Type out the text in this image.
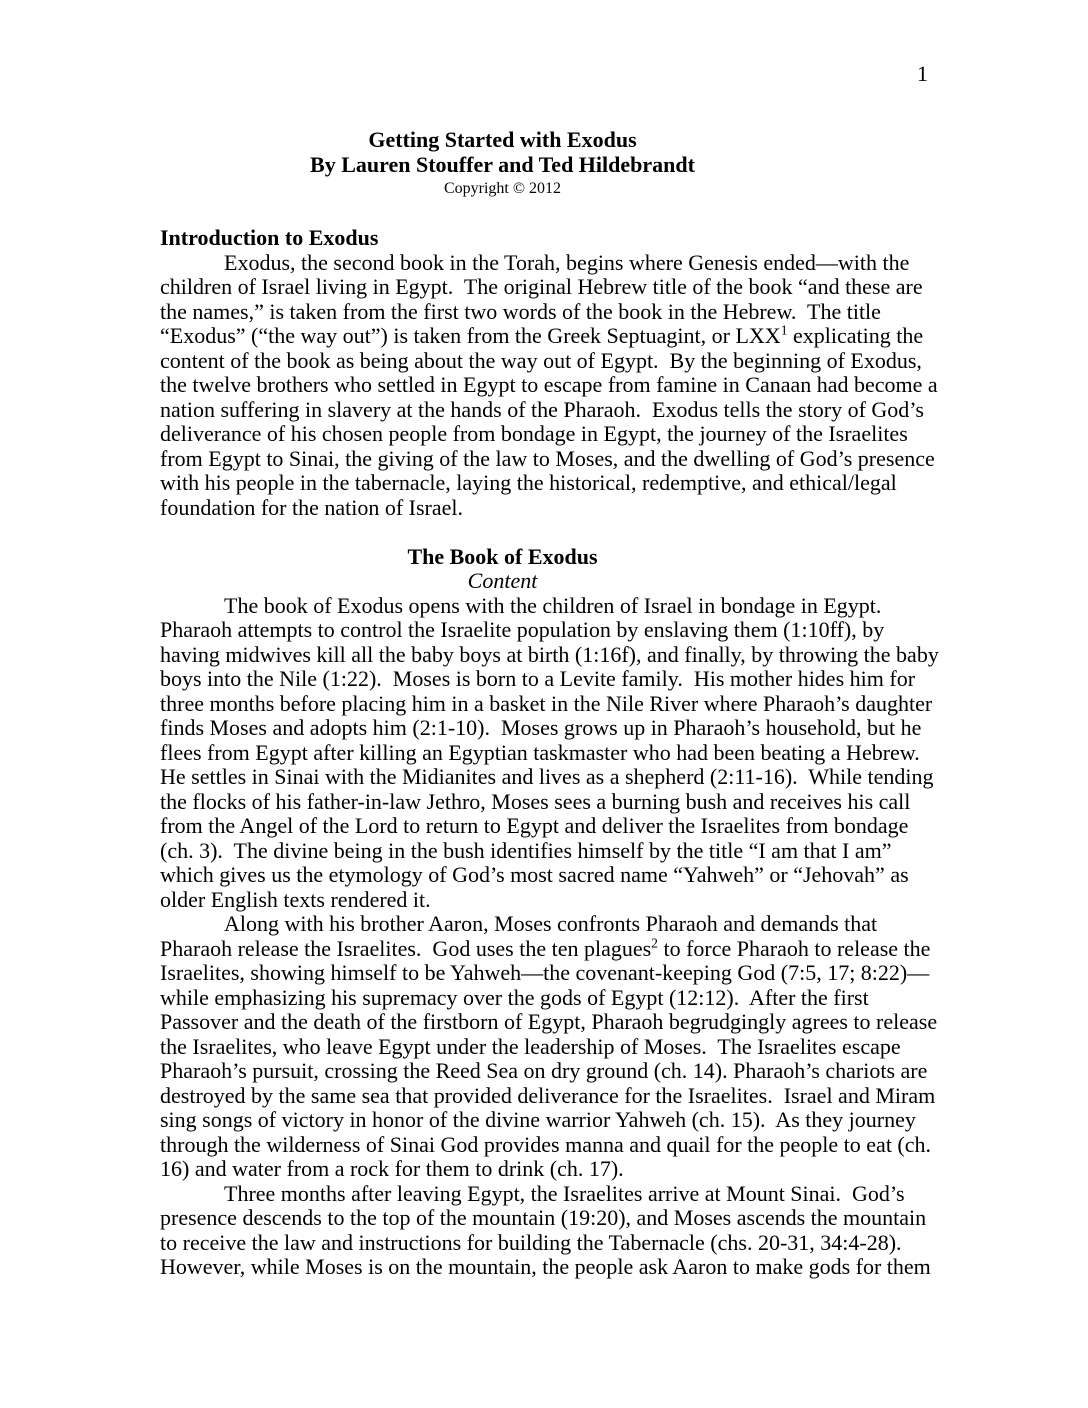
1
Getting Started with Exodus
By Lauren Stouffer and Ted Hildebrandt
Copyright © 2012
Introduction to Exodus
Exodus, the second book in the Torah, begins where Genesis ended—with the children of Israel living in Egypt.  The original Hebrew title of the book “and these are the names,” is taken from the first two words of the book in the Hebrew.  The title “Exodus” (“the way out”) is taken from the Greek Septuagint, or LXX$^1$ explicating the content of the book as being about the way out of Egypt.  By the beginning of Exodus, the twelve brothers who settled in Egypt to escape from famine in Canaan had become a nation suffering in slavery at the hands of the Pharaoh.  Exodus tells the story of God’s deliverance of his chosen people from bondage in Egypt, the journey of the Israelites from Egypt to Sinai, the giving of the law to Moses, and the dwelling of God’s presence with his people in the tabernacle, laying the historical, redemptive, and ethical/legal foundation for the nation of Israel.
The Book of Exodus
Content
The book of Exodus opens with the children of Israel in bondage in Egypt.  Pharaoh attempts to control the Israelite population by enslaving them (1:10ff), by having midwives kill all the baby boys at birth (1:16f), and finally, by throwing the baby boys into the Nile (1:22).  Moses is born to a Levite family.  His mother hides him for three months before placing him in a basket in the Nile River where Pharaoh’s daughter finds Moses and adopts him (2:1-10).  Moses grows up in Pharaoh’s household, but he flees from Egypt after killing an Egyptian taskmaster who had been beating a Hebrew. He settles in Sinai with the Midianites and lives as a shepherd (2:11-16).  While tending the flocks of his father-in-law Jethro, Moses sees a burning bush and receives his call from the Angel of the Lord to return to Egypt and deliver the Israelites from bondage (ch. 3).  The divine being in the bush identifies himself by the title “I am that I am” which gives us the etymology of God’s most sacred name “Yahweh” or “Jehovah” as older English texts rendered it.
Along with his brother Aaron, Moses confronts Pharaoh and demands that Pharaoh release the Israelites.  God uses the ten plagues$^2$ to force Pharaoh to release the Israelites, showing himself to be Yahweh—the covenant-keeping God (7:5, 17; 8:22)—while emphasizing his supremacy over the gods of Egypt (12:12).  After the first Passover and the death of the firstborn of Egypt, Pharaoh begrudgingly agrees to release the Israelites, who leave Egypt under the leadership of Moses.  The Israelites escape Pharaoh’s pursuit, crossing the Reed Sea on dry ground (ch. 14). Pharaoh’s chariots are destroyed by the same sea that provided deliverance for the Israelites.  Israel and Miram sing songs of victory in honor of the divine warrior Yahweh (ch. 15).  As they journey through the wilderness of Sinai God provides manna and quail for the people to eat (ch. 16) and water from a rock for them to drink (ch. 17).
Three months after leaving Egypt, the Israelites arrive at Mount Sinai.  God’s presence descends to the top of the mountain (19:20), and Moses ascends the mountain to receive the law and instructions for building the Tabernacle (chs. 20-31, 34:4-28).  However, while Moses is on the mountain, the people ask Aaron to make gods for them
